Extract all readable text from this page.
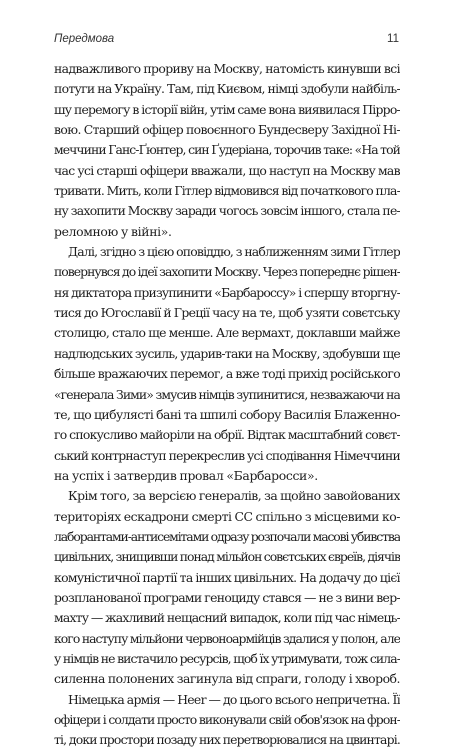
Передмова	11
надважливого прориву на Москву, натомість кинувши всі
потуги на Україну. Там, під Києвом, німці здобули найбіль-
шу перемогу в історії війн, утім саме вона виявилася Пірро-
вою. Старший офіцер повоєнного Бундесверу Західної Ні-
меччини Ганс-Ґюнтер, син Ґудеріана, торочив таке: «На той
час усі старші офіцери вважали, що наступ на Москву мав
тривати. Мить, коли Гітлер відмовився від початкового пла-
ну захопити Москву заради чогось зовсім іншого, стала пе-
реломною у війні».
Далі, згідно з цією оповіддю, з наближенням зими Гітлер
повернувся до ідеї захопити Москву. Через попереднє рішен-
ня диктатора призупинити «Барбароссу» і спершу вторгну-
тися до Югославії й Греції часу на те, щоб узяти совєтську
столицю, стало ще менше. Але вермахт, доклавши майже
надлюдських зусиль, ударив-таки на Москву, здобувши ще
більше вражаючих перемог, а вже тоді прихід російського
«генерала Зими» змусив німців зупинитися, незважаючи на
те, що цибулясті бані та шпилі собору Василія Блаженно-
го спокусливо майоріли на обрії. Відтак масштабний совєт-
ський контрнаступ перекреслив усі сподівання Німеччини
на успіх і затвердив провал «Барбаросси».
Крім того, за версією генералів, за щойно завойованих
територіях ескадрони смерті СС спільно з місцевими ко-
лаборантами-антисемітами одразу розпочали масові убивства
цивільних, знищивши понад мільйон совєтських євреїв, діячів
комуністичної партії та інших цивільних. На додачу до цієї
розпланованої програми геноциду стався — не з вини вер-
махту — жахливий нещасний випадок, коли під час німець-
кого наступу мільйони червоноармійців здалися у полон, але
у німців не вистачило ресурсів, щоб їх утримувати, тож сила-
силенна полонених загинула від спраги, голоду і хвороб.
Німецька армія — Heer — до цього всього непричетна. Її
офіцери і солдати просто виконували свій обов'язок на фрон-
ті, доки простори позаду них перетворювалися на цвинтарі.
